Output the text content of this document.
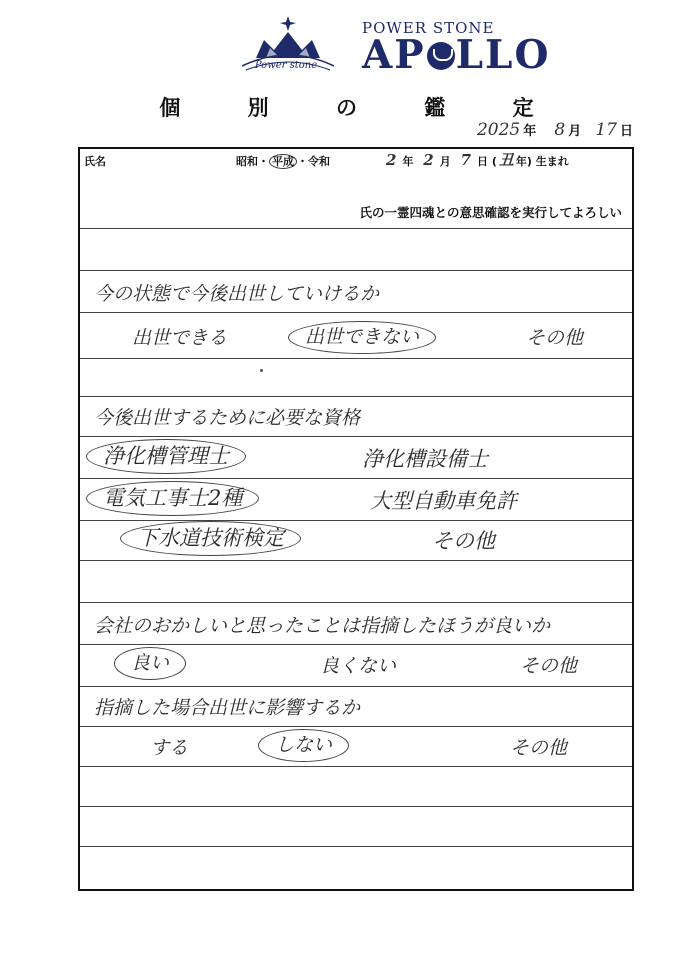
Power stone
POWER STONE
AP LLO
個 別 の 鑑 定
2025 年 8 月 17 日
氏名	昭和・ 平成 ・令和	2 年 2 月 7 日 ( 丑 年) 生まれ
氏の一霊四魂との意思確認を実行してよろしい
今の状態で今後出世していけるか
出世できる	出世できない	その他
今後出世するために必要な資格
浄化槽管理士	浄化槽設備士
電気工事士2種	大型自動車免許
下水道技術検定	その他
会社のおかしいと思ったことは指摘したほうが良いか
良い	良くない	その他
指摘した場合出世に影響するか
する	しない	その他
